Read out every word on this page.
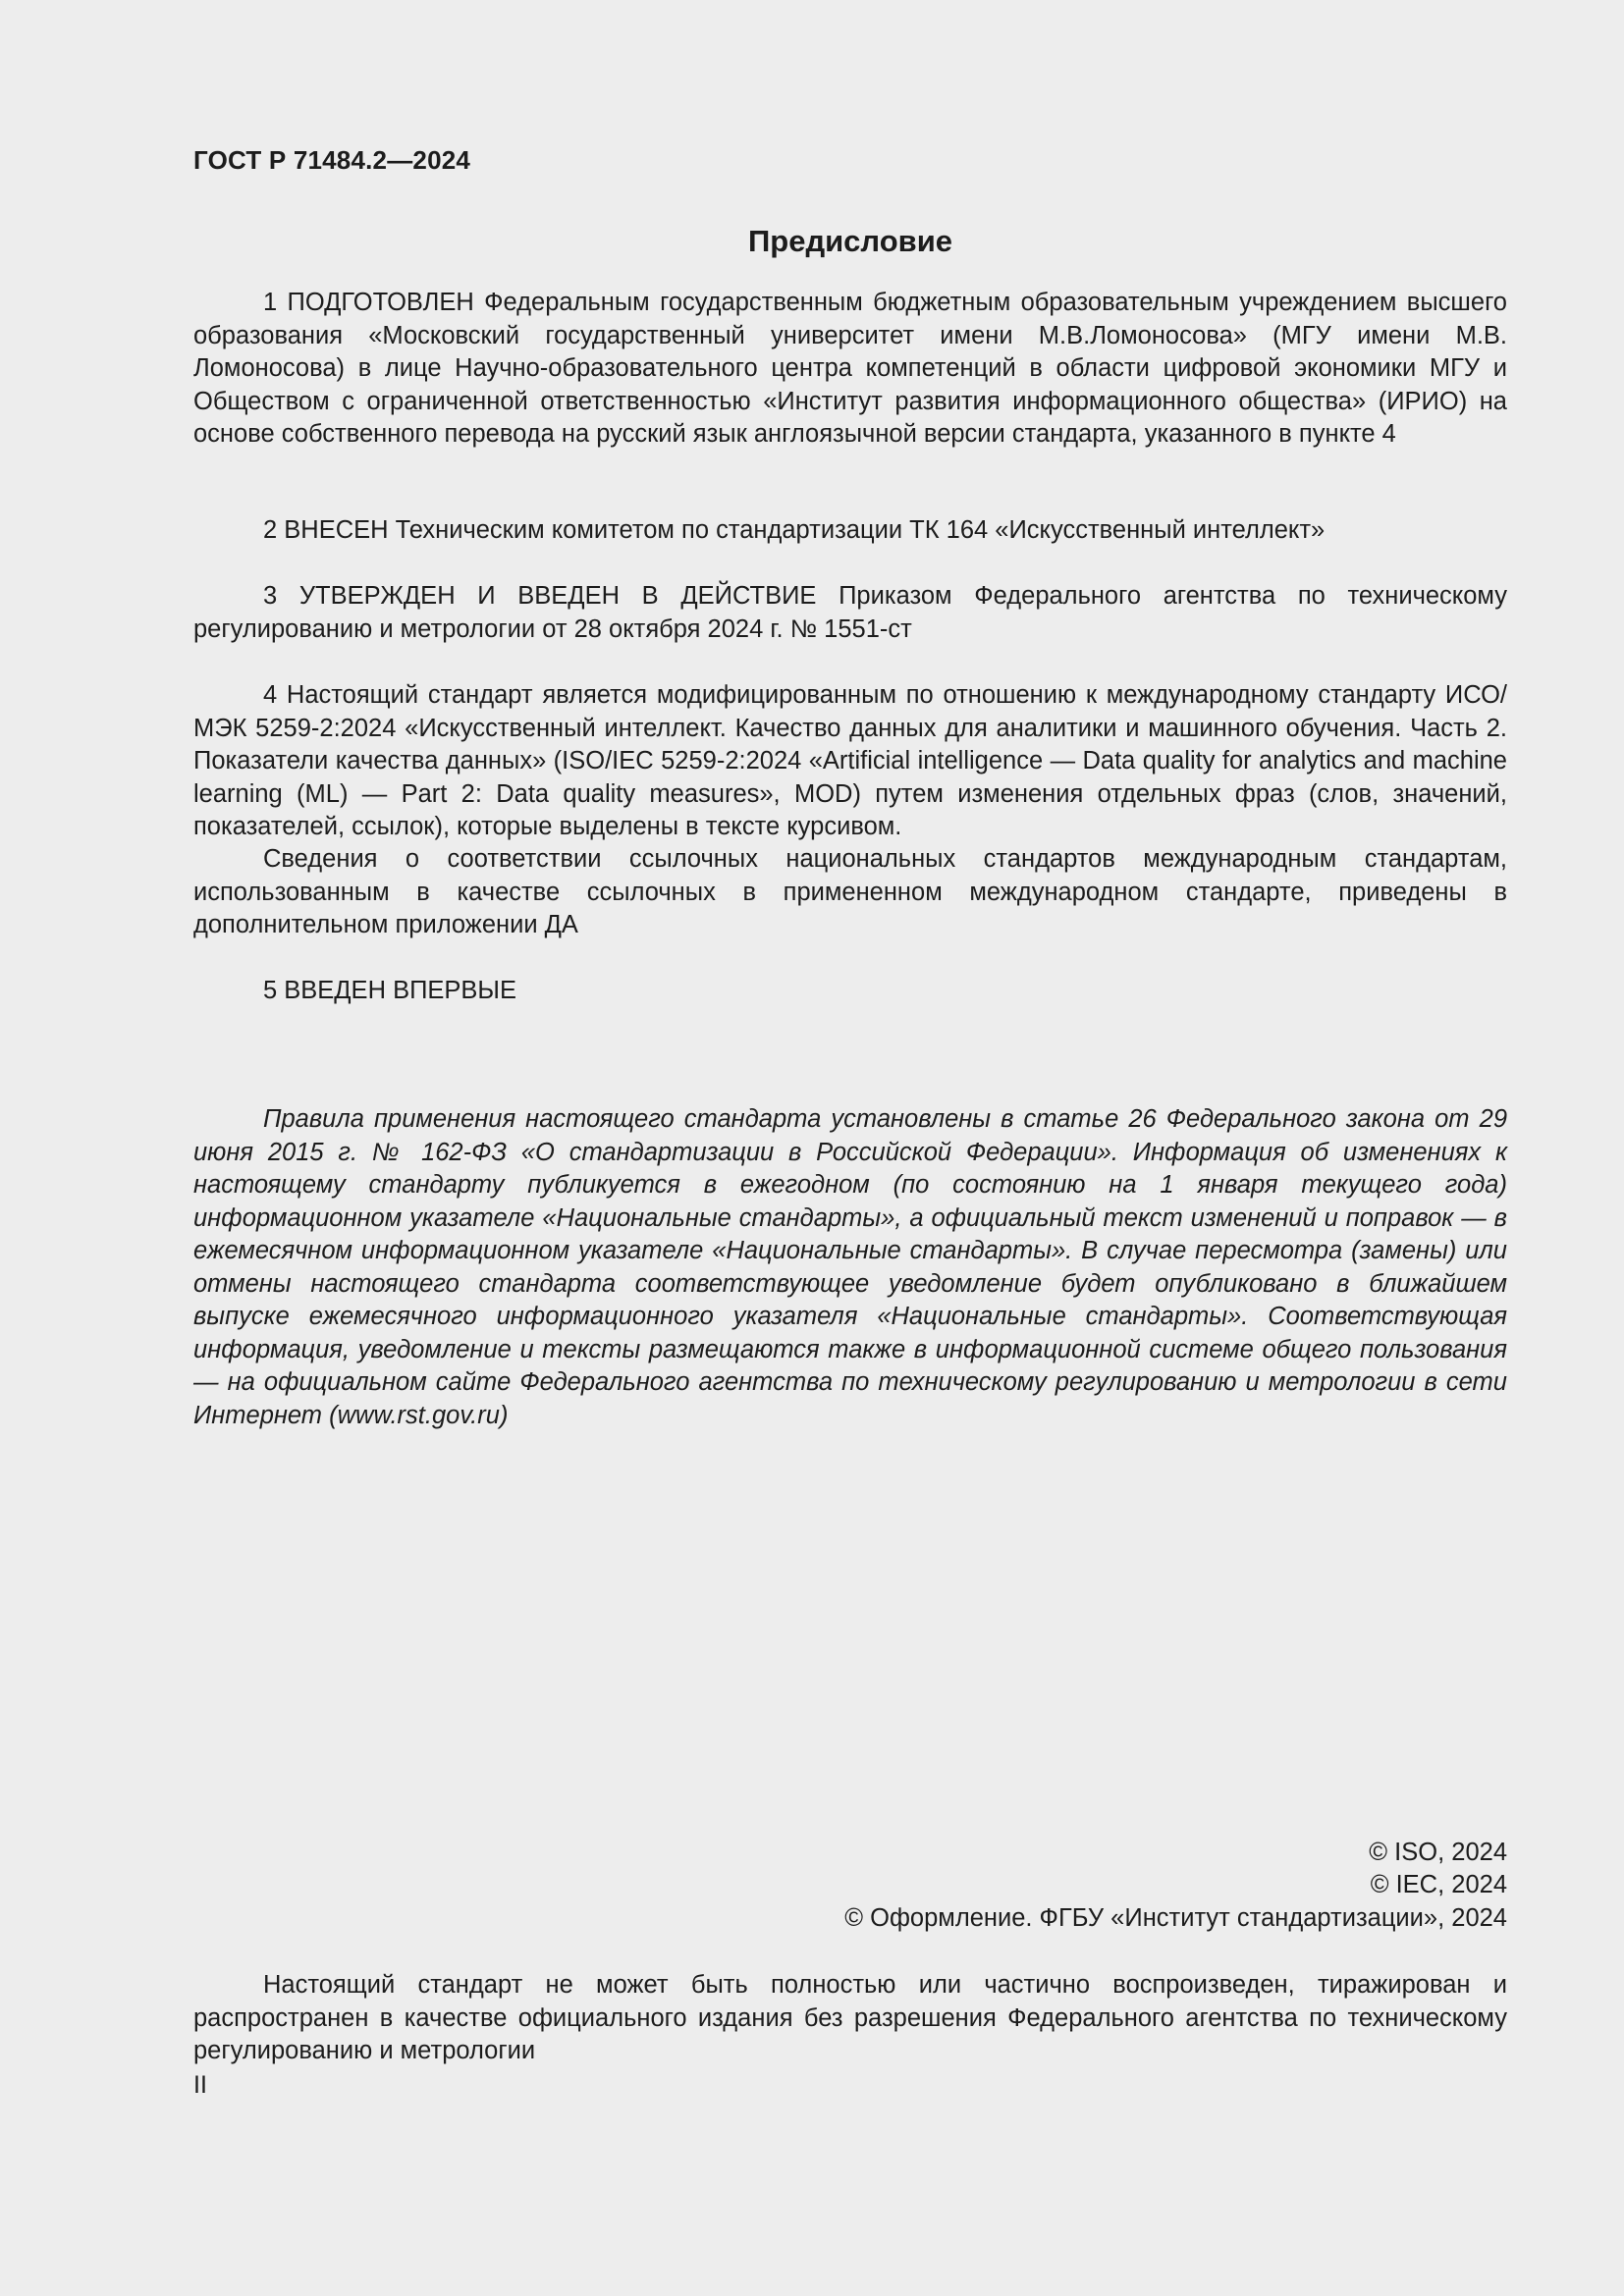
ГОСТ Р 71484.2—2024
Предисловие

1 ПОДГОТОВЛЕН Федеральным государственным бюджетным образовательным учреждением высшего образования «Московский государственный университет имени М.В.Ломоносова» (МГУ имени М.В. Ломоносова) в лице Научно-образовательного центра компетенций в области цифровой экономики МГУ и Обществом с ограниченной ответственностью «Институт развития информационного общества» (ИРИО) на основе собственного перевода на русский язык англоязычной версии стандарта, указанного в пункте 4

2 ВНЕСЕН Техническим комитетом по стандартизации ТК 164 «Искусственный интеллект»

3 УТВЕРЖДЕН И ВВЕДЕН В ДЕЙСТВИЕ Приказом Федерального агентства по техническому регулированию и метрологии от 28 октября 2024 г. № 1551-ст

4 Настоящий стандарт является модифицированным по отношению к международному стандарту ИСО/МЭК 5259-2:2024 «Искусственный интеллект. Качество данных для аналитики и машинного обучения. Часть 2. Показатели качества данных» (ISO/IEC 5259-2:2024 «Artificial intelligence — Data quality for analytics and machine learning (ML) — Part 2: Data quality measures», MOD) путем изменения отдельных фраз (слов, значений, показателей, ссылок), которые выделены в тексте курсивом.

Сведения о соответствии ссылочных национальных стандартов международным стандартам, использованным в качестве ссылочных в примененном международном стандарте, приведены в дополнительном приложении ДА

5 ВВЕДЕН ВПЕРВЫЕ

Правила применения настоящего стандарта установлены в статье 26 Федерального закона от 29 июня 2015 г. № 162-ФЗ «О стандартизации в Российской Федерации». Информация об изменениях к настоящему стандарту публикуется в ежегодном (по состоянию на 1 января текущего года) информационном указателе «Национальные стандарты», а официальный текст изменений и поправок — в ежемесячном информационном указателе «Национальные стандарты». В случае пересмотра (замены) или отмены настоящего стандарта соответствующее уведомление будет опубликовано в ближайшем выпуске ежемесячного информационного указателя «Национальные стандарты». Соответствующая информация, уведомление и тексты размещаются также в информационной системе общего пользования — на официальном сайте Федерального агентства по техническому регулированию и метрологии в сети Интернет (www.rst.gov.ru)

© ISO, 2024
© IEC, 2024
© Оформление. ФГБУ «Институт стандартизации», 2024

Настоящий стандарт не может быть полностью или частично воспроизведен, тиражирован и распространен в качестве официального издания без разрешения Федерального агентства по техническому регулированию и метрологии

II
